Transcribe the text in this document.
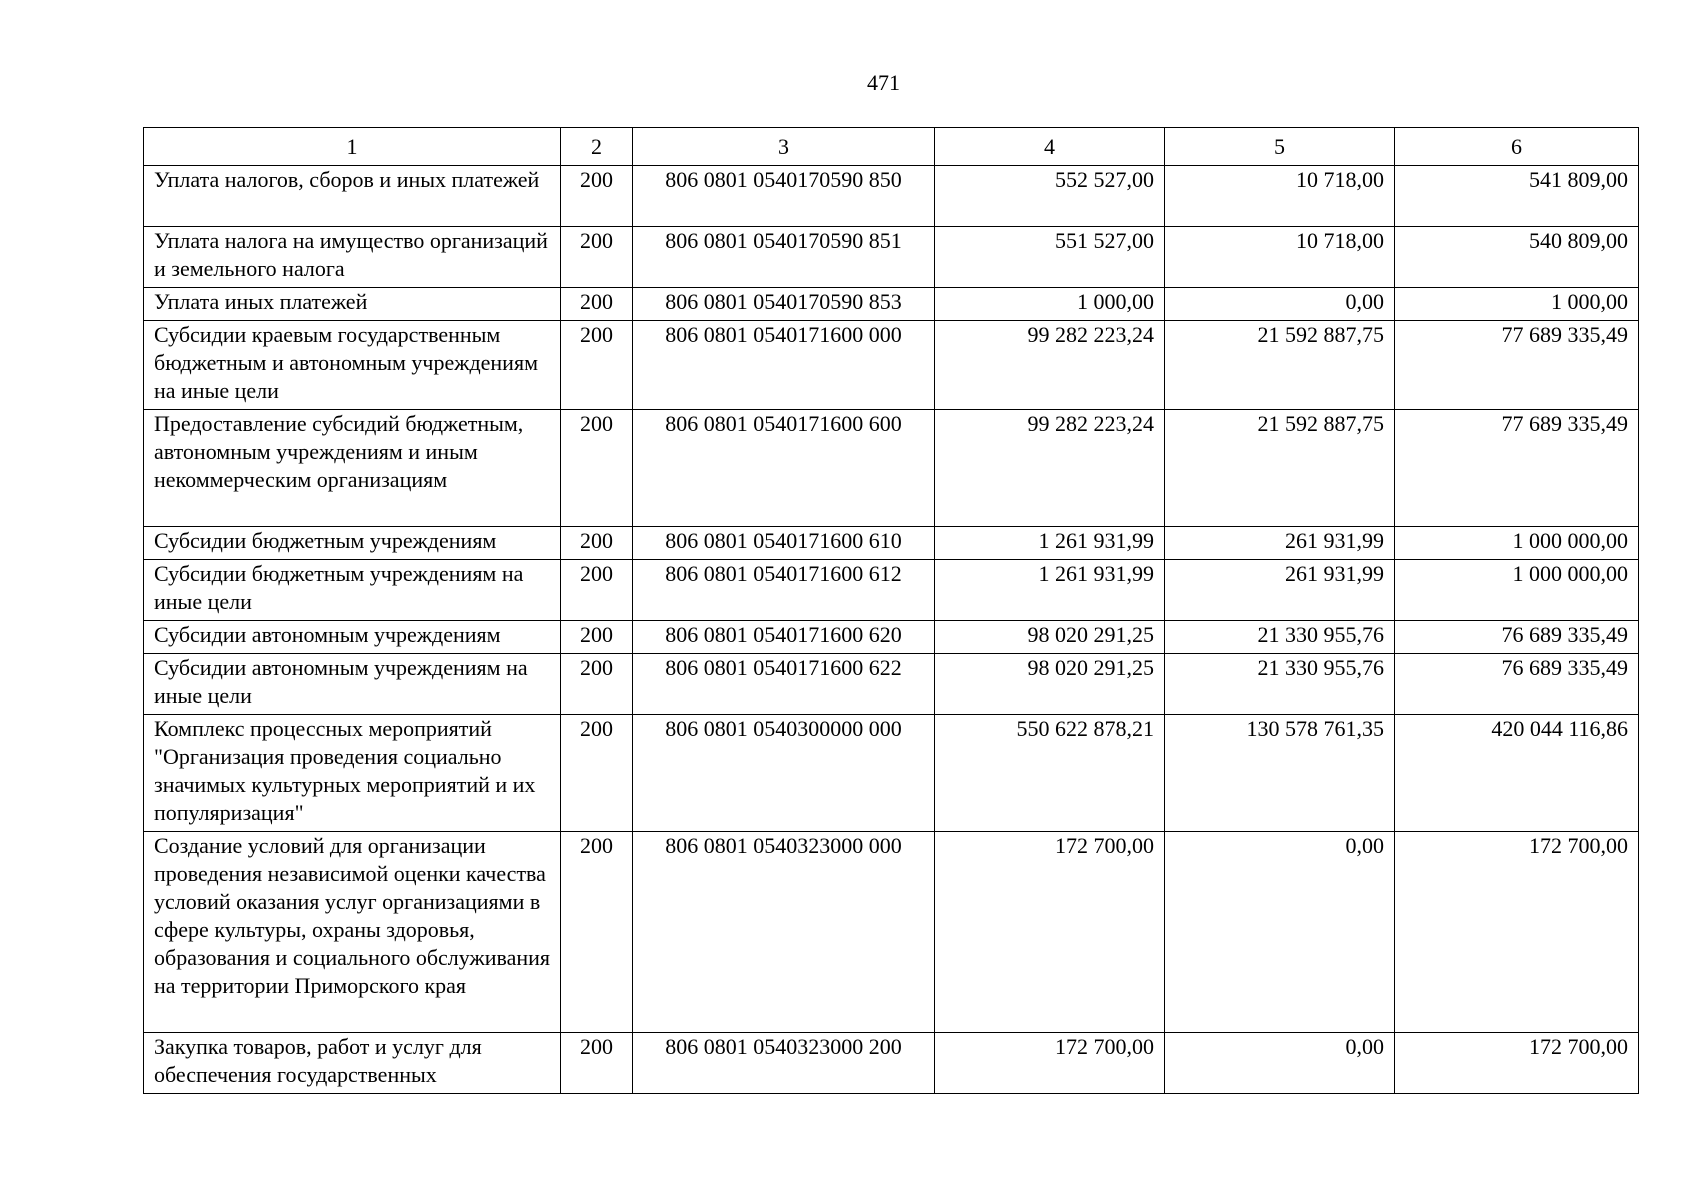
471
1	2	3	4	5	6
Уплата налогов, сборов и иных платежей	200	806 0801 0540170590 850	552 527,00	10 718,00	541 809,00
Уплата налога на имущество организаций и земельного налога	200	806 0801 0540170590 851	551 527,00	10 718,00	540 809,00
Уплата иных платежей	200	806 0801 0540170590 853	1 000,00	0,00	1 000,00
Субсидии краевым государственным бюджетным и автономным учреждениям на иные цели	200	806 0801 0540171600 000	99 282 223,24	21 592 887,75	77 689 335,49
Предоставление субсидий бюджетным, автономным учреждениям и иным некоммерческим организациям	200	806 0801 0540171600 600	99 282 223,24	21 592 887,75	77 689 335,49
Субсидии бюджетным учреждениям	200	806 0801 0540171600 610	1 261 931,99	261 931,99	1 000 000,00
Субсидии бюджетным учреждениям на иные цели	200	806 0801 0540171600 612	1 261 931,99	261 931,99	1 000 000,00
Субсидии автономным учреждениям	200	806 0801 0540171600 620	98 020 291,25	21 330 955,76	76 689 335,49
Субсидии автономным учреждениям на иные цели	200	806 0801 0540171600 622	98 020 291,25	21 330 955,76	76 689 335,49
Комплекс процессных мероприятий "Организация проведения социально значимых культурных мероприятий и их популяризация"	200	806 0801 0540300000 000	550 622 878,21	130 578 761,35	420 044 116,86
Создание условий для организации проведения независимой оценки качества условий оказания услуг организациями в сфере культуры, охраны здоровья, образования и социального обслуживания на территории Приморского края	200	806 0801 0540323000 000	172 700,00	0,00	172 700,00
Закупка товаров, работ и услуг для обеспечения государственных	200	806 0801 0540323000 200	172 700,00	0,00	172 700,00
